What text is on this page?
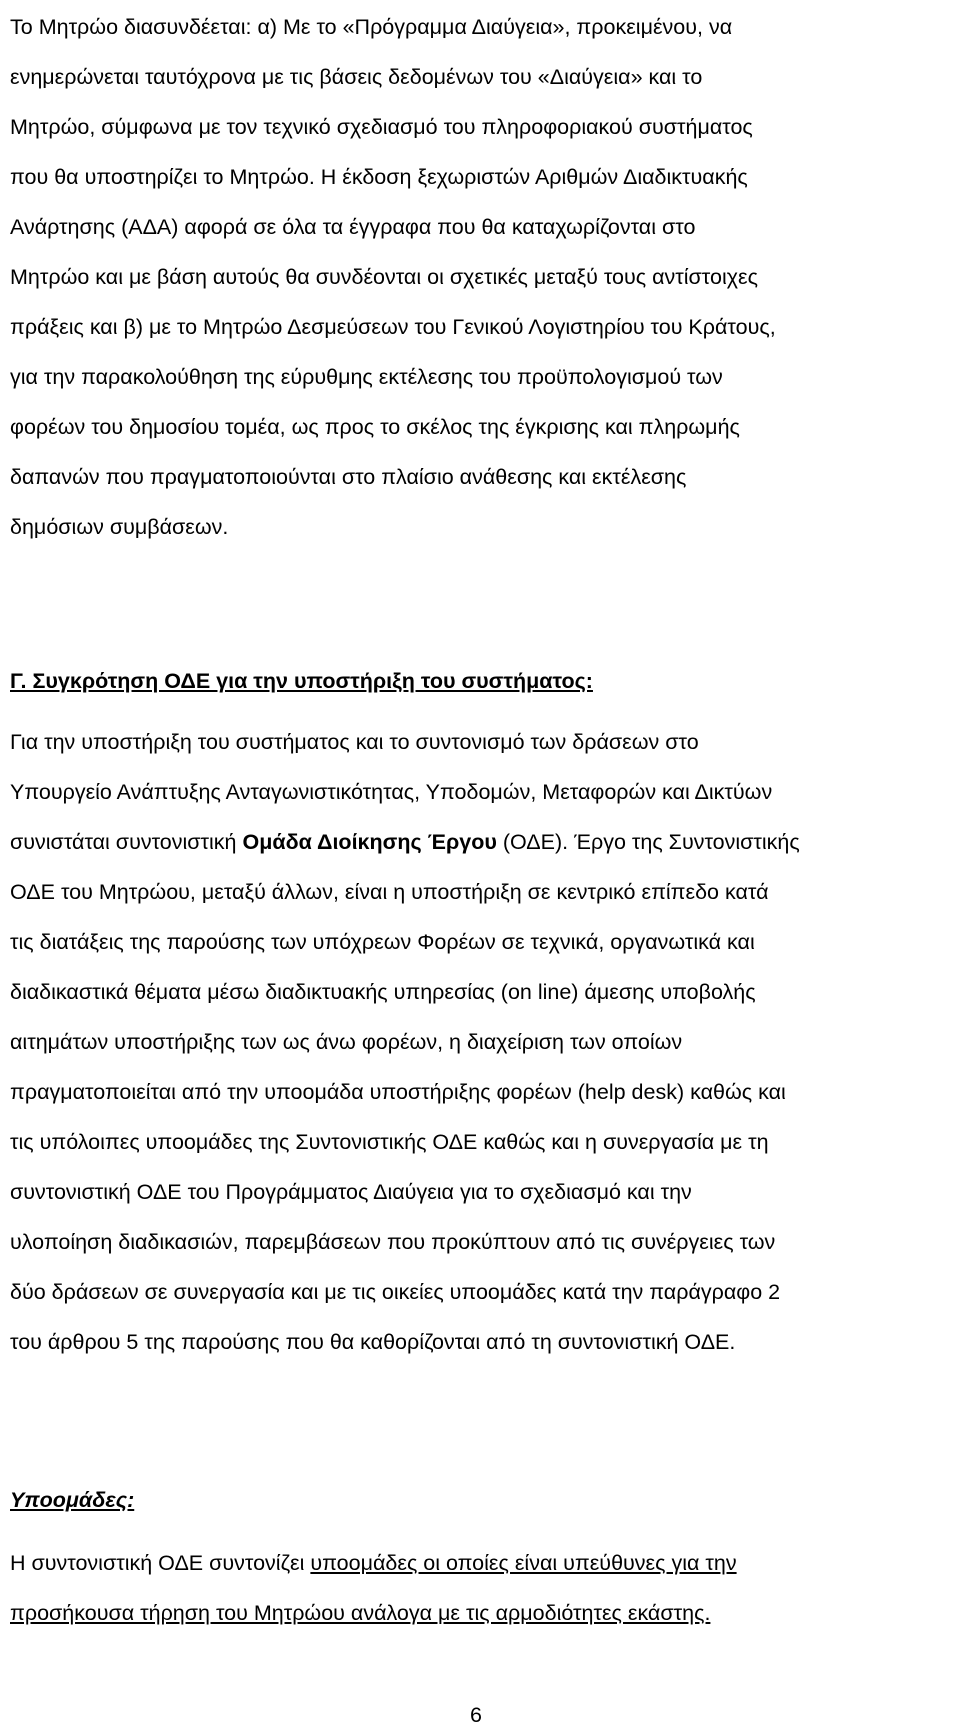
Το Μητρώο διασυνδέεται: α) Με το «Πρόγραμμα Διαύγεια», προκειμένου, να
ενημερώνεται ταυτόχρονα με τις βάσεις δεδομένων του «Διαύγεια» και το
Μητρώο, σύμφωνα με τον τεχνικό σχεδιασμό του πληροφοριακού συστήματος
που θα υποστηρίζει το Μητρώο. Η έκδοση ξεχωριστών Αριθμών Διαδικτυακής
Ανάρτησης (ΑΔΑ) αφορά σε όλα τα έγγραφα που θα καταχωρίζονται στο
Μητρώο και με βάση αυτούς θα συνδέονται οι σχετικές μεταξύ τους αντίστοιχες
πράξεις και β) με το Μητρώο Δεσμεύσεων του Γενικού Λογιστηρίου του Κράτους,
για την παρακολούθηση της εύρυθμης εκτέλεσης του προϋπολογισμού των
φορέων του δημοσίου τομέα, ως προς το σκέλος της έγκρισης και πληρωμής
δαπανών που πραγματοποιούνται στο πλαίσιο ανάθεσης και εκτέλεσης
δημόσιων συμβάσεων.
Γ. Συγκρότηση ΟΔΕ για την υποστήριξη του συστήματος:
Για την υποστήριξη του συστήματος και το συντονισμό των δράσεων στο
Υπουργείο Ανάπτυξης Ανταγωνιστικότητας, Υποδομών, Μεταφορών και Δικτύων
συνιστάται συντονιστική Ομάδα Διοίκησης Έργου (ΟΔΕ). Έργο της Συντονιστικής
ΟΔΕ του Μητρώου, μεταξύ άλλων, είναι η υποστήριξη σε κεντρικό επίπεδο κατά
τις διατάξεις της παρούσης των υπόχρεων Φορέων σε τεχνικά, οργανωτικά και
διαδικαστικά θέματα μέσω διαδικτυακής υπηρεσίας (on line) άμεσης υποβολής
αιτημάτων υποστήριξης των ως άνω φορέων, η διαχείριση των οποίων
πραγματοποιείται από την υποομάδα υποστήριξης φορέων (help desk) καθώς και
τις υπόλοιπες υποομάδες της Συντονιστικής ΟΔΕ καθώς και η συνεργασία με τη
συντονιστική ΟΔΕ του Προγράμματος Διαύγεια για το σχεδιασμό και την
υλοποίηση διαδικασιών, παρεμβάσεων που προκύπτουν από τις συνέργειες των
δύο δράσεων σε συνεργασία και με τις οικείες υποομάδες κατά την παράγραφο 2
του άρθρου 5 της παρούσης που θα καθορίζονται από τη συντονιστική ΟΔΕ.
Υποομάδες:
Η συντονιστική ΟΔΕ συντονίζει υποομάδες οι οποίες είναι υπεύθυνες για την
προσήκουσα τήρηση του Μητρώου ανάλογα με τις αρμοδιότητες εκάστης.
6
